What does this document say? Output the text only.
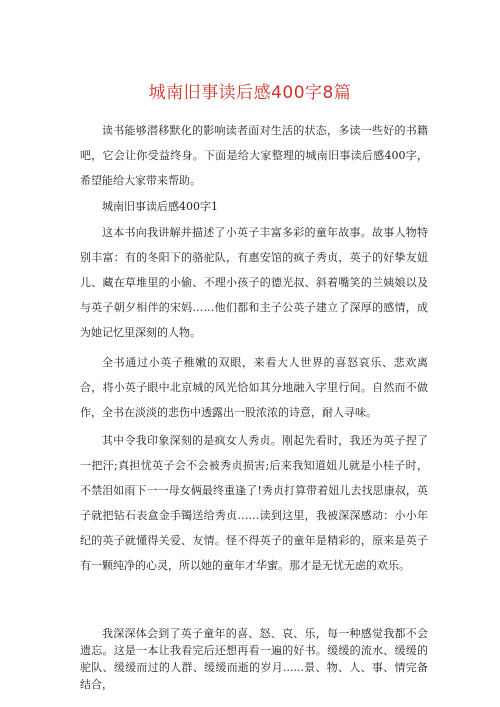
城南旧事读后感400字8篇

读书能够潜移默化的影响读者面对生活的状态，多读一些好的书籍吧，它会让你受益终身。下面是给大家整理的城南旧事读后感400字，希望能给大家带来帮助。

城南旧事读后感400字1

这本书向我讲解并描述了小英子丰富多彩的童年故事。故事人物特别丰富：有的冬阳下的骆驼队，有惠安馆的疯子秀贞，英子的好挚友妞儿、藏在草堆里的小偷、不理小孩子的德光叔、斜着嘴笑的兰姨娘以及与英子朝夕相伴的宋妈……他们都和主子公英子建立了深厚的感情，成为她记忆里深刻的人物。

全书通过小英子稚嫩的双眼，来看大人世界的喜怒哀乐、悲欢离合，将小英子眼中北京城的风光恰如其分地融入字里行间。自然而不做作，全书在淡淡的悲伤中透露出一股浓浓的诗意，耐人寻味。

其中令我印象深刻的是疯女人秀贞。刚起先看时，我还为英子捏了一把汗;真担忧英子会不会被秀贞损害;后来我知道妞儿就是小桂子时，不禁泪如雨下一一母女俩最终重逢了!秀贞打算带着妞儿去找思康叔，英子就把钻石表盒金手镯送给秀贞……读到这里，我被深深感动：小小年纪的英子就懂得关爱、友情。怪不得英子的童年是精彩的，原来是英子有一颗纯净的心灵，所以她的童年才华蜜。那才是无忧无虑的欢乐。

我深深体会到了英子童年的喜、怒、哀、乐，每一种感觉我都不会遗忘。这是一本让我看完后还想再看一遍的好书。缓缓的流水、缓缓的驼队、缓缓而过的人群、缓缓而逝的岁月......景、物、人、事、情完备结合，
